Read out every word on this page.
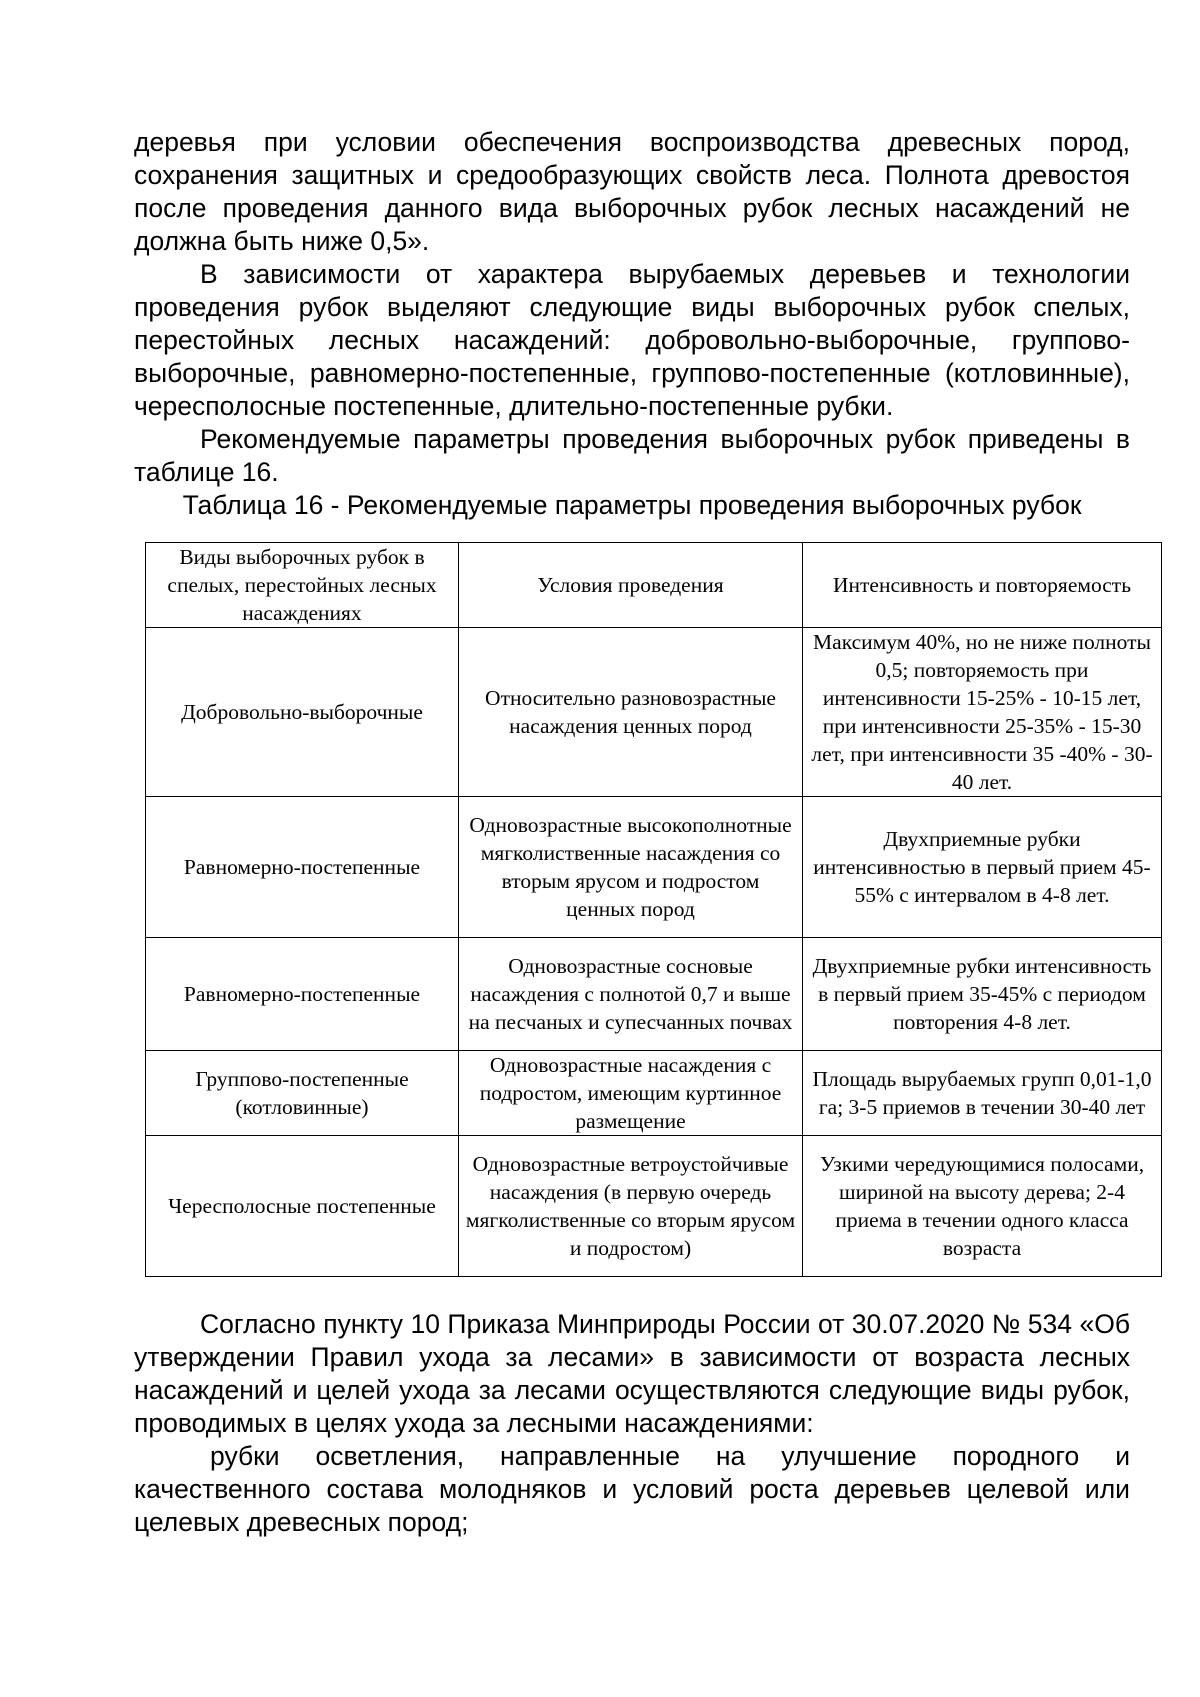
деревья при условии обеспечения воспроизводства древесных пород, сохранения защитных и средообразующих свойств леса. Полнота древостоя после проведения данного вида выборочных рубок лесных насаждений не должна быть ниже 0,5».

В зависимости от характера вырубаемых деревьев и технологии проведения рубок выделяют следующие виды выборочных рубок спелых, перестойных лесных насаждений: добровольно-выборочные, группово-выборочные, равномерно-постепенные, группово-постепенные (котловинные), чересполосные постепенные, длительно-постепенные рубки.

Рекомендуемые параметры проведения выборочных рубок приведены в таблице 16.

Таблица 16 - Рекомендуемые параметры проведения выборочных рубок
Виды выборочных рубок в спелых, перестойных лесных насаждениях	Условия проведения	Интенсивность и повторяемость
Добровольно-выборочные	Относительно разновозрастные насаждения ценных пород	Максимум 40%, но не ниже полноты 0,5; повторяемость при интенсивности 15-25% - 10-15 лет, при интенсивности 25-35% - 15-30 лет, при интенсивности 35 -40% - 30-40 лет.
Равномерно-постепенные	Одновозрастные высокополнотные мягколиственные насаждения со вторым ярусом и подростом ценных пород	Двухприемные рубки интенсивностью в первый прием 45-55% с интервалом в 4-8 лет.
Равномерно-постепенные	Одновозрастные сосновые насаждения с полнотой 0,7 и выше на песчаных и супесчанных почвах	Двухприемные рубки интенсивность в первый прием 35-45% с периодом повторения 4-8 лет.
Группово-постепенные (котловинные)	Одновозрастные насаждения с подростом, имеющим куртинное размещение	Площадь вырубаемых групп 0,01-1,0 га; 3-5 приемов в течении 30-40 лет
Чересполосные постепенные	Одновозрастные ветроустойчивые насаждения (в первую очередь мягколиственные со вторым ярусом и подростом)	Узкими чередующимися полосами, шириной на высоту дерева; 2-4 приема в течении одного класса возраста

Согласно пункту 10 Приказа Минприроды России от 30.07.2020 № 534 «Об утверждении Правил ухода за лесами» в зависимости от возраста лесных насаждений и целей ухода за лесами осуществляются следующие виды рубок, проводимых в целях ухода за лесными насаждениями:

рубки осветления, направленные на улучшение породного и качественного состава молодняков и условий роста деревьев целевой или целевых древесных пород;
